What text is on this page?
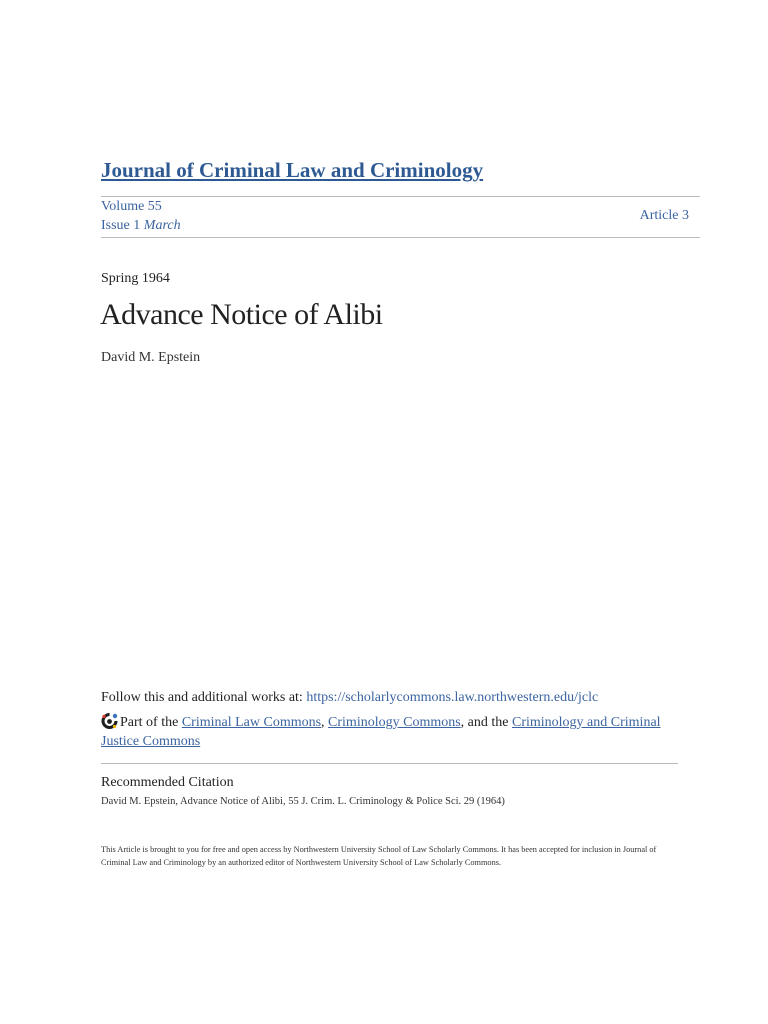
Journal of Criminal Law and Criminology
Volume 55
Issue 1 March
Article 3
Spring 1964
Advance Notice of Alibi
David M. Epstein
Follow this and additional works at: https://scholarlycommons.law.northwestern.edu/jclc
Part of the Criminal Law Commons, Criminology Commons, and the Criminology and Criminal Justice Commons
Recommended Citation
David M. Epstein, Advance Notice of Alibi, 55 J. Crim. L. Criminology & Police Sci. 29 (1964)
This Article is brought to you for free and open access by Northwestern University School of Law Scholarly Commons. It has been accepted for inclusion in Journal of Criminal Law and Criminology by an authorized editor of Northwestern University School of Law Scholarly Commons.
